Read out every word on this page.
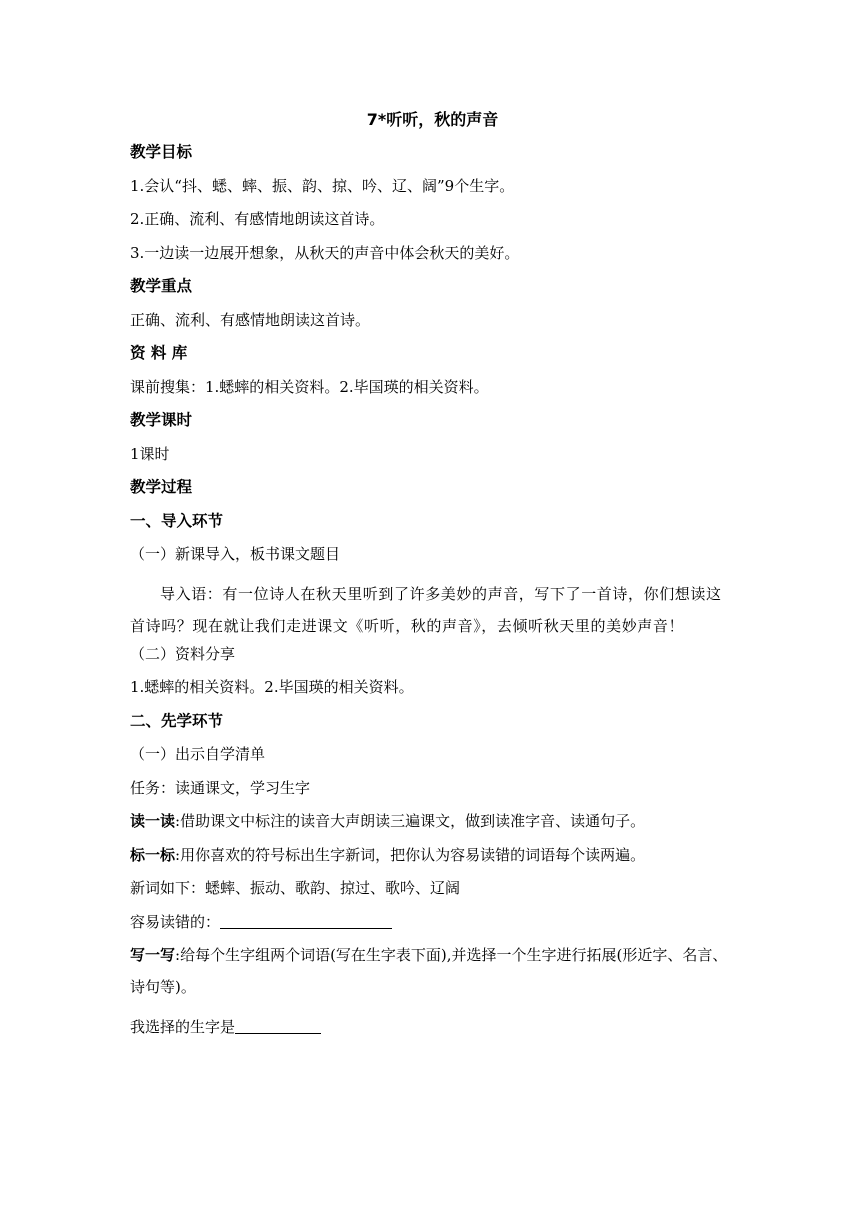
7*听听，秋的声音
教学目标
1.会认“抖、蟋、蟀、振、韵、掠、吟、辽、阔”9个生字。
2.正确、流利、有感情地朗读这首诗。
3.一边读一边展开想象，从秋天的声音中体会秋天的美好。
教学重点
正确、流利、有感情地朗读这首诗。
资 料 库
课前搜集：1.蟋蟀的相关资料。2.毕国瑛的相关资料。
教学课时
1课时
教学过程
一、导入环节
（一）新课导入，板书课文题目
导入语：有一位诗人在秋天里听到了许多美妙的声音，写下了一首诗，你们想读这首诗吗？现在就让我们走进课文《听听，秋的声音》，去倾听秋天里的美妙声音！
（二）资料分享
1.蟋蟀的相关资料。2.毕国瑛的相关资料。
二、先学环节
（一）出示自学清单
任务：读通课文，学习生字
读一读:借助课文中标注的读音大声朗读三遍课文，做到读准字音、读通句子。
标一标:用你喜欢的符号标出生字新词，把你认为容易读错的词语每个读两遍。
新词如下：蟋蟀、振动、歌韵、掠过、歌吟、辽阔
容易读错的：
写一写:给每个生字组两个词语(写在生字表下面),并选择一个生字进行拓展(形近字、名言、诗句等)。
我选择的生字是
